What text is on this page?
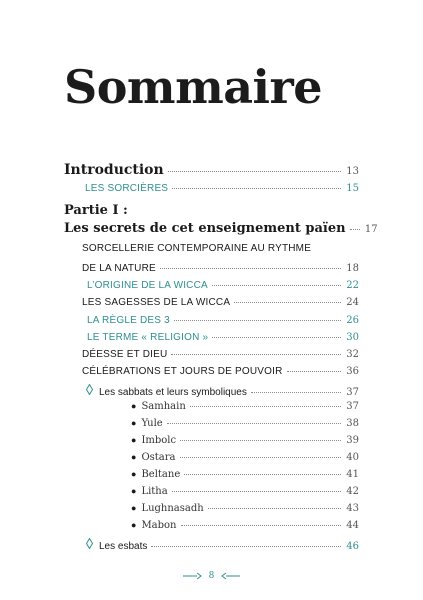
Sommaire
Introduction	13
LES SORCIÈRES	15
Partie I :
Les secrets de cet enseignement païen 17
SORCELLERIE CONTEMPORAINE AU RYTHME
DE LA NATURE	18
L’ORIGINE DE LA WICCA	22
LES SAGESSES DE LA WICCA	24
LA RÈGLE DES 3	26
LE TERME « RELIGION »	30
DÉESSE ET DIEU	32
CÉLÉBRATIONS ET JOURS DE POUVOIR	36
Les sabbats et leurs symboliques	37
● Samhain	37
● Yule	38
● Imbolc	39
● Ostara	40
● Beltane	41
● Litha	42
● Lughnasadh	43
● Mabon	44
Les esbats	46
8
